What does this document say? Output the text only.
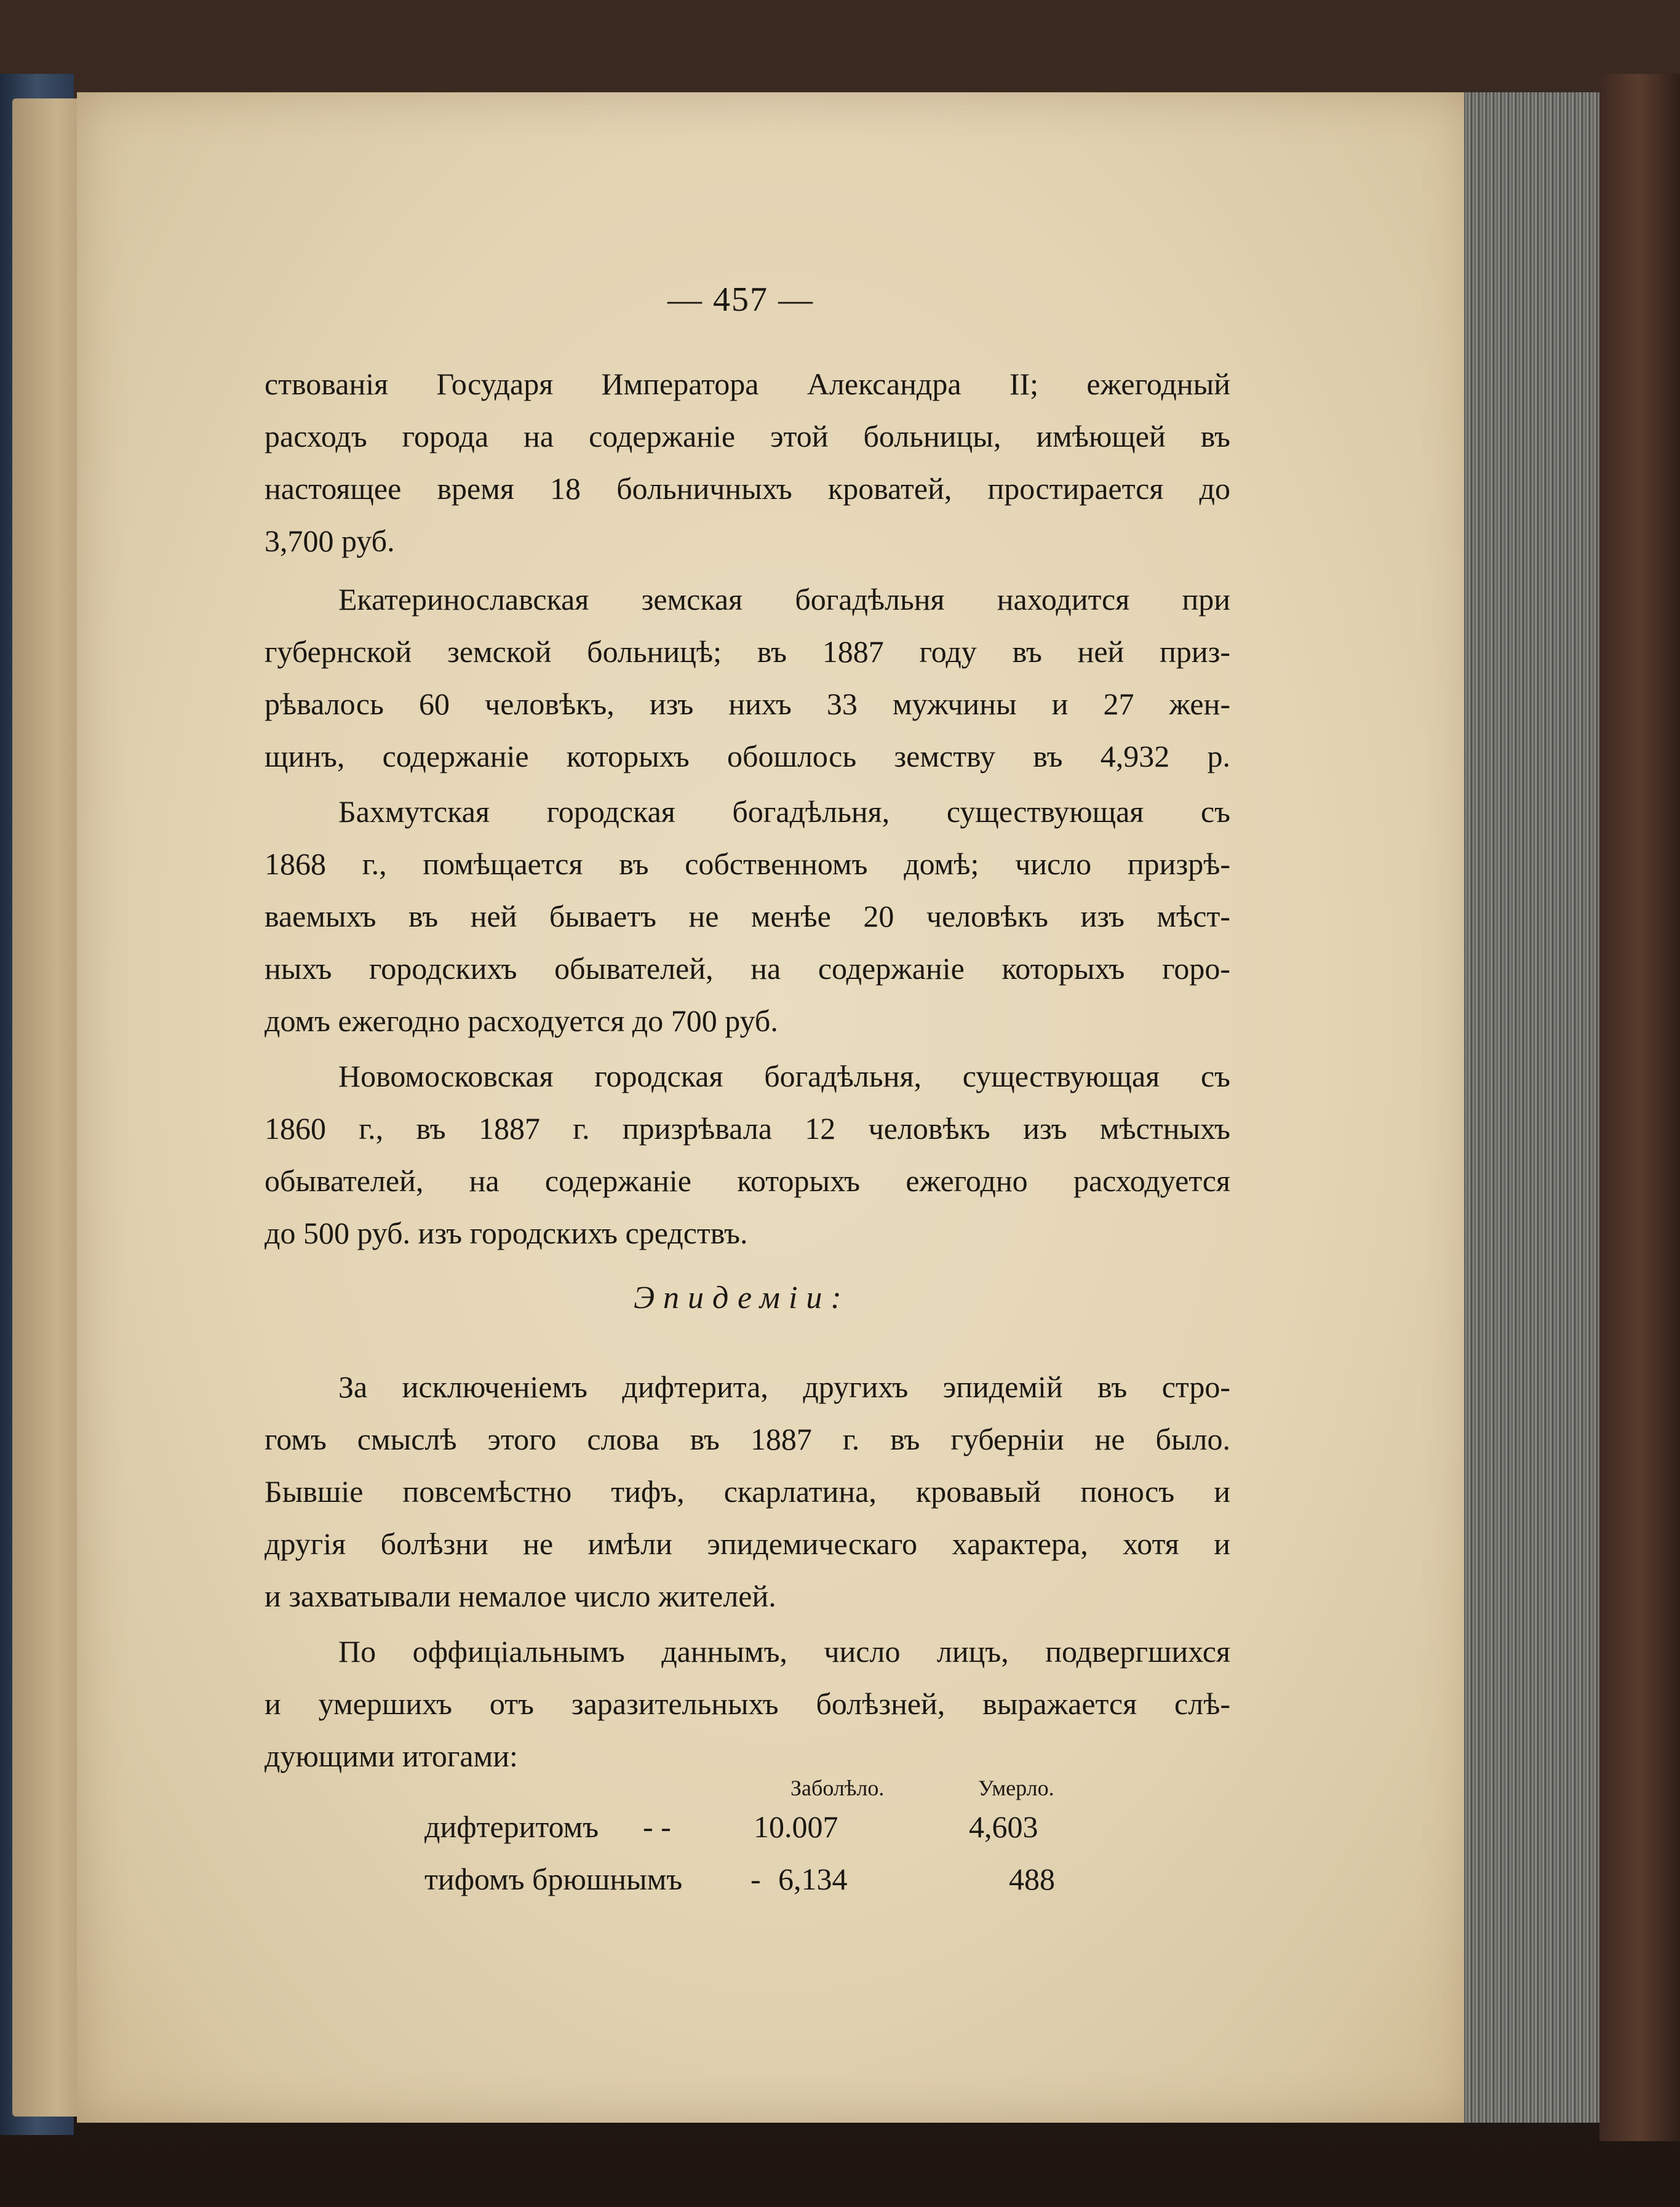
— 457 —
ствованія Государя Императора Александра II; ежегодный
расходъ города на содержаніе этой больницы, имѣющей въ
настоящее время 18 больничныхъ кроватей, простирается до
3,700 руб.
Екатеринославская земская богадѣльня находится при
губернской земской больницѣ; въ 1887 году въ ней приз-
рѣвалось 60 человѣкъ, изъ нихъ 33 мужчины и 27 жен-
щинъ, содержаніе которыхъ обошлось земству въ 4,932 р.
Бахмутская городская богадѣльня, существующая съ
1868 г., помѣщается въ собственномъ домѣ; число призрѣ-
ваемыхъ въ ней бываетъ не менѣе 20 человѣкъ изъ мѣст-
ныхъ городскихъ обывателей, на содержаніе которыхъ горо-
домъ ежегодно расходуется до 700 руб.
Новомосковская городская богадѣльня, существующая съ
1860 г., въ 1887 г. призрѣвала 12 человѣкъ изъ мѣстныхъ
обывателей, на содержаніе которыхъ ежегодно расходуется
до 500 руб. изъ городскихъ средствъ.
Эпидеміи:
За исключеніемъ дифтерита, другихъ эпидемій въ стро-
гомъ смыслѣ этого слова въ 1887 г. въ губерніи не было.
Бывшіе повсемѣстно тифъ, скарлатина, кровавый поносъ и
другія болѣзни не имѣли эпидемическаго характера, хотя и
и захватывали немалое число жителей.
По оффиціальнымъ даннымъ, число лицъ, подвергшихся
и умершихъ отъ заразительныхъ болѣзней, выражается слѣ-
дующими итогами:
Заболѣло.	Умерло.
дифтеритомъ - -	10.007	4,603
тифомъ брюшнымъ - 6,134	488
